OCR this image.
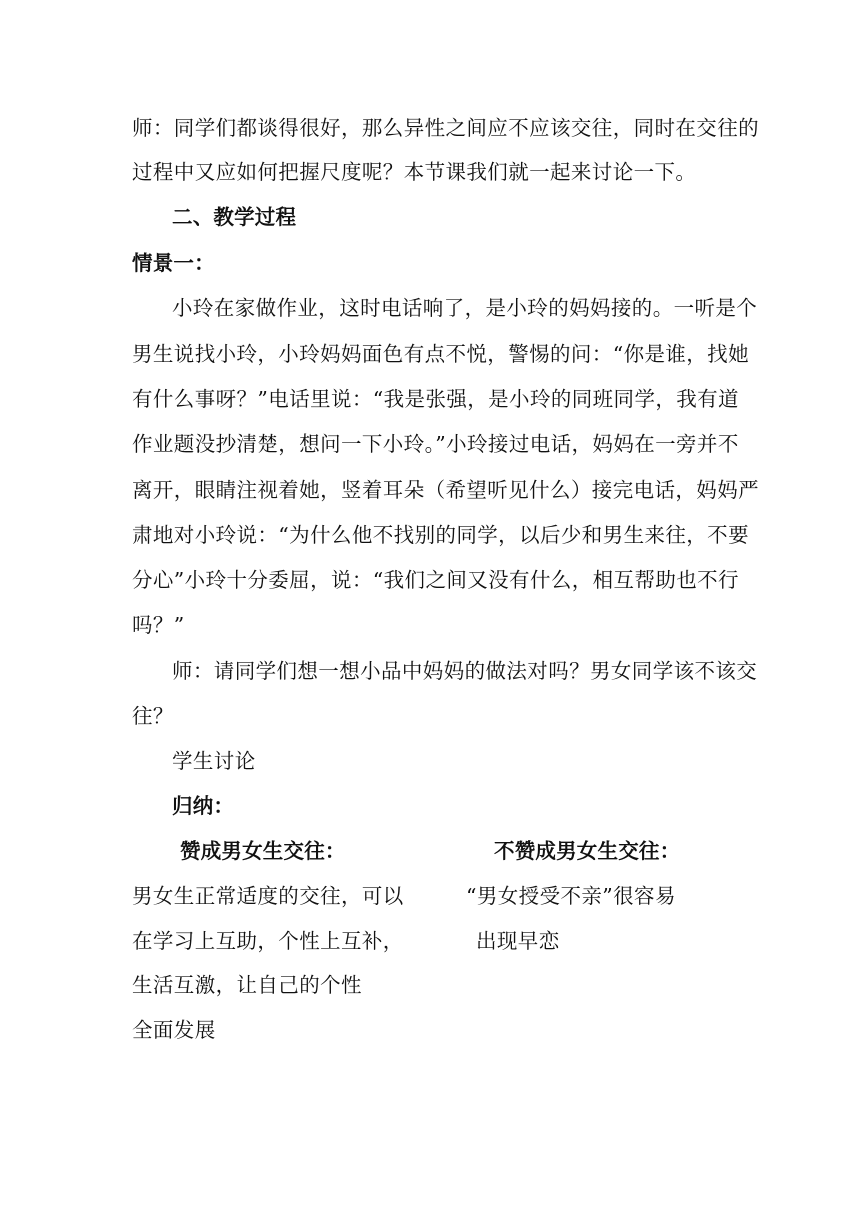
师：同学们都谈得很好，那么异性之间应不应该交往，同时在交往的
过程中又应如何把握尺度呢？本节课我们就一起来讨论一下。
二、教学过程
情景一：
小玲在家做作业，这时电话响了，是小玲的妈妈接的。一听是个
男生说找小玲，小玲妈妈面色有点不悦，警惕的问：“你是谁，找她
有什么事呀？”电话里说：“我是张强，是小玲的同班同学，我有道
作业题没抄清楚，想问一下小玲。”小玲接过电话，妈妈在一旁并不
离开，眼睛注视着她，竖着耳朵（希望听见什么）接完电话，妈妈严
肃地对小玲说：“为什么他不找别的同学，以后少和男生来往，不要
分心”小玲十分委屈，说：“我们之间又没有什么，相互帮助也不行
吗？”
师：请同学们想一想小品中妈妈的做法对吗？男女同学该不该交
往？
学生讨论
归纳：
赞成男女生交往：	不赞成男女生交往：
男女生正常适度的交往，可以
在学习上互助，个性上互补，
生活互激，让自己的个性
全面发展
“男女授受不亲”很容易
出现早恋
